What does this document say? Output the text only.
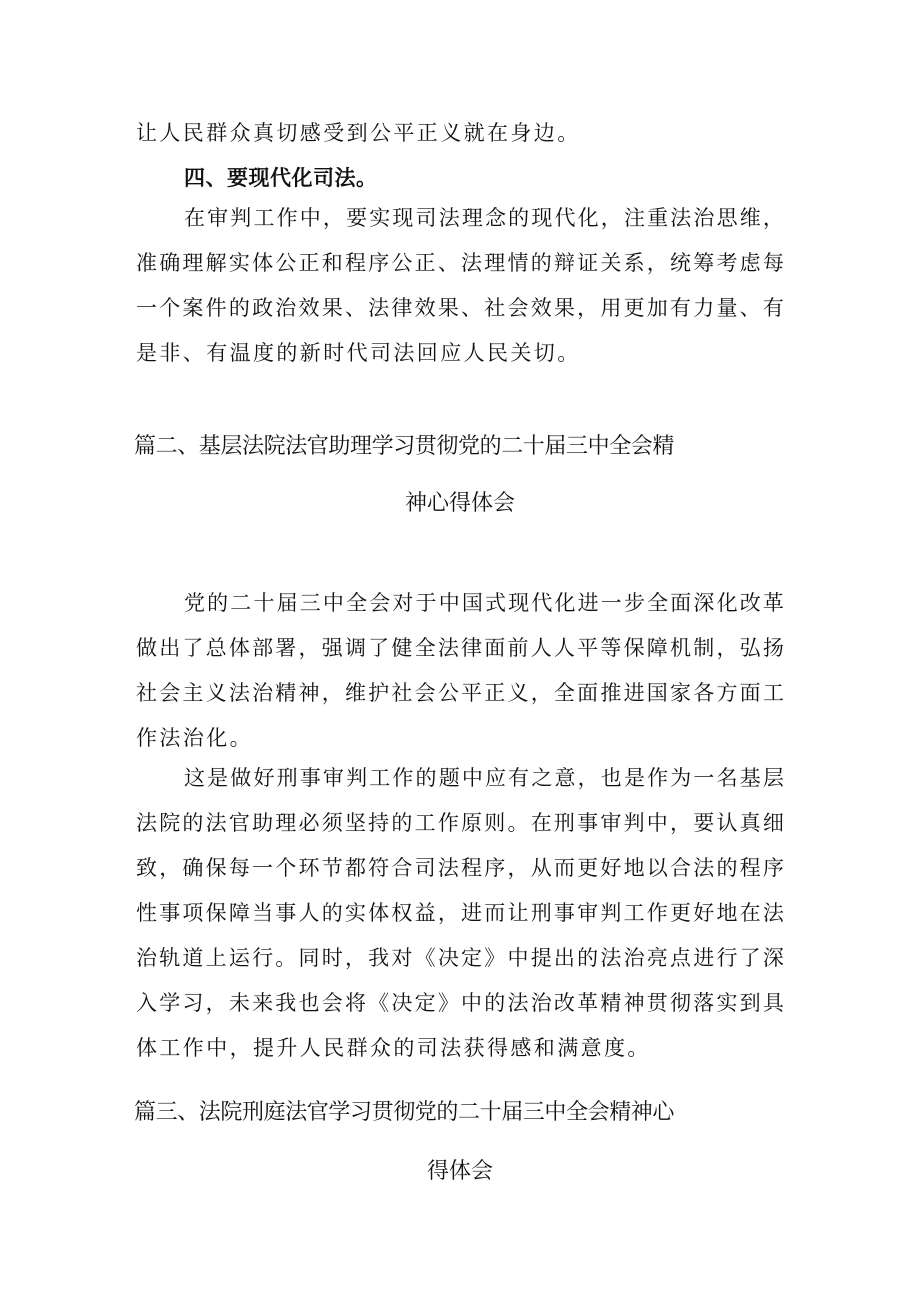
让人民群众真切感受到公平正义就在身边。
四、要现代化司法。
在审判工作中，要实现司法理念的现代化，注重法治思维，
准确理解实体公正和程序公正、法理情的辩证关系，统筹考虑每
一个案件的政治效果、法律效果、社会效果，用更加有力量、有
是非、有温度的新时代司法回应人民关切。
篇二、基层法院法官助理学习贯彻党的二十届三中全会精
神心得体会
党的二十届三中全会对于中国式现代化进一步全面深化改革
做出了总体部署，强调了健全法律面前人人平等保障机制，弘扬
社会主义法治精神，维护社会公平正义，全面推进国家各方面工
作法治化。
这是做好刑事审判工作的题中应有之意，也是作为一名基层
法院的法官助理必须坚持的工作原则。在刑事审判中，要认真细
致，确保每一个环节都符合司法程序，从而更好地以合法的程序
性事项保障当事人的实体权益，进而让刑事审判工作更好地在法
治轨道上运行。同时，我对《决定》中提出的法治亮点进行了深
入学习，未来我也会将《决定》中的法治改革精神贯彻落实到具
体工作中，提升人民群众的司法获得感和满意度。
篇三、法院刑庭法官学习贯彻党的二十届三中全会精神心
得体会
